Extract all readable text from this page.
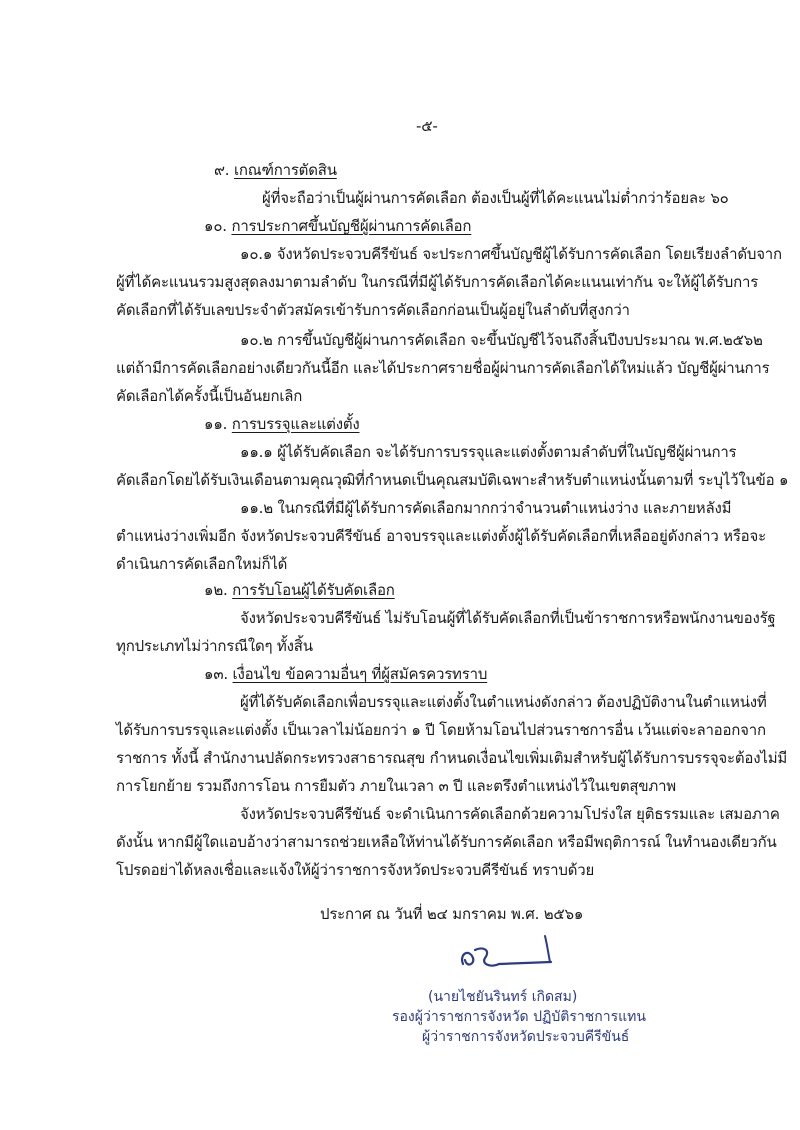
-๕-
๙. เกณฑ์การตัดสิน
ผู้ที่จะถือว่าเป็นผู้ผ่านการคัดเลือก ต้องเป็นผู้ที่ได้คะแนนไม่ต่ำกว่าร้อยละ ๖๐
๑๐. การประกาศขึ้นบัญชีผู้ผ่านการคัดเลือก
๑๐.๑ จังหวัดประจวบคีรีขันธ์ จะประกาศขึ้นบัญชีผู้ได้รับการคัดเลือก โดยเรียงลำดับจาก
ผู้ที่ได้คะแนนรวมสูงสุดลงมาตามลำดับ ในกรณีที่มีผู้ได้รับการคัดเลือกได้คะแนนเท่ากัน จะให้ผู้ได้รับการ
คัดเลือกที่ได้รับเลขประจำตัวสมัครเข้ารับการคัดเลือกก่อนเป็นผู้อยู่ในลำดับที่สูงกว่า
๑๐.๒ การขึ้นบัญชีผู้ผ่านการคัดเลือก จะขึ้นบัญชีไว้จนถึงสิ้นปีงบประมาณ พ.ศ.๒๕๖๒
แต่ถ้ามีการคัดเลือกอย่างเดียวกันนี้อีก และได้ประกาศรายชื่อผู้ผ่านการคัดเลือกได้ใหม่แล้ว บัญชีผู้ผ่านการ
คัดเลือกได้ครั้งนี้เป็นอันยกเลิก
๑๑. การบรรจุและแต่งตั้ง
๑๑.๑ ผู้ได้รับคัดเลือก จะได้รับการบรรจุและแต่งตั้งตามลำดับที่ในบัญชีผู้ผ่านการ
คัดเลือกโดยได้รับเงินเดือนตามคุณวุฒิที่กำหนดเป็นคุณสมบัติเฉพาะสำหรับตำแหน่งนั้นตามที่ ระบุไว้ในข้อ ๑
๑๑.๒ ในกรณีที่มีผู้ได้รับการคัดเลือกมากกว่าจำนวนตำแหน่งว่าง และภายหลังมี
ตำแหน่งว่างเพิ่มอีก จังหวัดประจวบคีรีขันธ์ อาจบรรจุและแต่งตั้งผู้ได้รับคัดเลือกที่เหลืออยู่ดังกล่าว หรือจะ
ดำเนินการคัดเลือกใหม่ก็ได้
๑๒. การรับโอนผู้ได้รับคัดเลือก
จังหวัดประจวบคีรีขันธ์ ไม่รับโอนผู้ที่ได้รับคัดเลือกที่เป็นข้าราชการหรือพนักงานของรัฐ
ทุกประเภทไม่ว่ากรณีใดๆ ทั้งสิ้น
๑๓. เงื่อนไข ข้อความอื่นๆ ที่ผู้สมัครควรทราบ
ผู้ที่ได้รับคัดเลือกเพื่อบรรจุและแต่งตั้งในตำแหน่งดังกล่าว ต้องปฏิบัติงานในตำแหน่งที่
ได้รับการบรรจุและแต่งตั้ง เป็นเวลาไม่น้อยกว่า ๑ ปี โดยห้ามโอนไปส่วนราชการอื่น เว้นแต่จะลาออกจาก
ราชการ ทั้งนี้ สำนักงานปลัดกระทรวงสาธารณสุข กำหนดเงื่อนไขเพิ่มเติมสำหรับผู้ได้รับการบรรจุจะต้องไม่มี
การโยกย้าย รวมถึงการโอน การยืมตัว ภายในเวลา ๓ ปี และตรึงตำแหน่งไว้ในเขตสุขภาพ
จังหวัดประจวบคีรีขันธ์ จะดำเนินการคัดเลือกด้วยความโปร่งใส ยุติธรรมและ เสมอภาค
ดังนั้น หากมีผู้ใดแอบอ้างว่าสามารถช่วยเหลือให้ท่านได้รับการคัดเลือก หรือมีพฤติการณ์ ในทำนองเดียวกัน
โปรดอย่าได้หลงเชื่อและแจ้งให้ผู้ว่าราชการจังหวัดประจวบคีรีขันธ์ ทราบด้วย
ประกาศ ณ วันที่ ๒๔ มกราคม พ.ศ. ๒๕๖๑
(นายไชยันรินทร์ เกิดสม)
รองผู้ว่าราชการจังหวัด ปฏิบัติราชการแทน
ผู้ว่าราชการจังหวัดประจวบคีรีขันธ์
